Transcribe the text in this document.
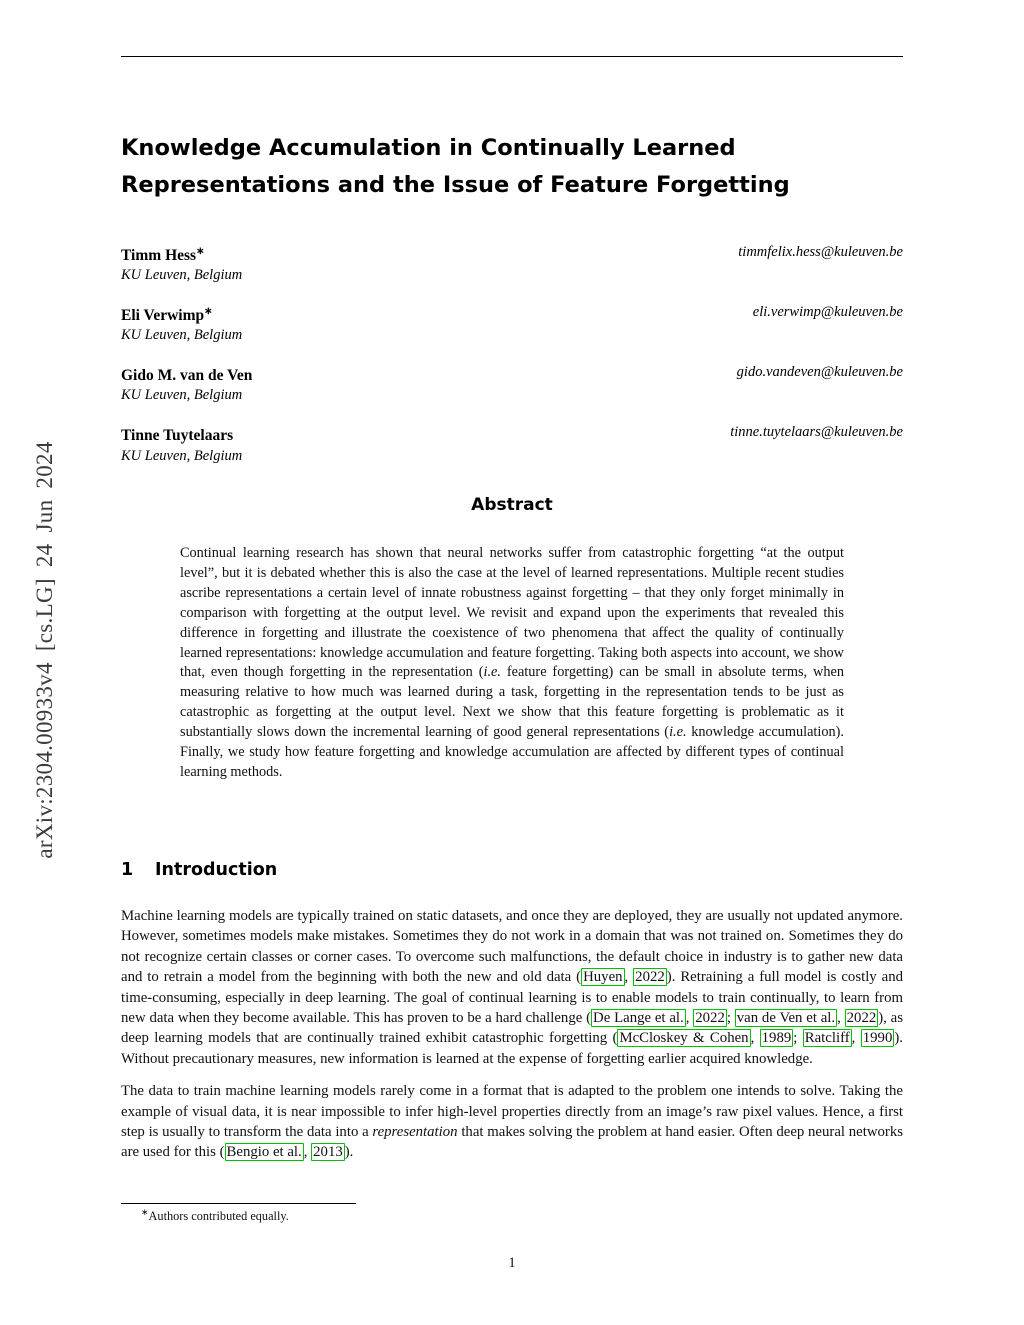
arXiv:2304.00933v4 [cs.LG] 24 Jun 2024
Knowledge Accumulation in Continually Learned
Representations and the Issue of Feature Forgetting
Timm Hess∗
KU Leuven, Belgium
timmfelix.hess@kuleuven.be
Eli Verwimp∗
KU Leuven, Belgium
eli.verwimp@kuleuven.be
Gido M. van de Ven
KU Leuven, Belgium
gido.vandeven@kuleuven.be
Tinne Tuytelaars
KU Leuven, Belgium
tinne.tuytelaars@kuleuven.be
Abstract
Continual learning research has shown that neural networks suffer from catastrophic forgetting “at the output level”, but it is debated whether this is also the case at the level of learned representations. Multiple recent studies ascribe representations a certain level of innate robustness against forgetting – that they only forget minimally in comparison with forgetting at the output level. We revisit and expand upon the experiments that revealed this difference in forgetting and illustrate the coexistence of two phenomena that affect the quality of continually learned representations: knowledge accumulation and feature forgetting. Taking both aspects into account, we show that, even though forgetting in the representation (i.e. feature forgetting) can be small in absolute terms, when measuring relative to how much was learned during a task, forgetting in the representation tends to be just as catastrophic as forgetting at the output level. Next we show that this feature forgetting is problematic as it substantially slows down the incremental learning of good general representations (i.e. knowledge accumulation). Finally, we study how feature forgetting and knowledge accumulation are affected by different types of continual learning methods.
1 Introduction
Machine learning models are typically trained on static datasets, and once they are deployed, they are usually not updated anymore. However, sometimes models make mistakes. Sometimes they do not work in a domain that was not trained on. Sometimes they do not recognize certain classes or corner cases. To overcome such malfunctions, the default choice in industry is to gather new data and to retrain a model from the beginning with both the new and old data ( Huyen , 2022 ). Retraining a full model is costly and time-consuming, especially in deep learning. The goal of continual learning is to enable models to train continually, to learn from new data when they become available. This has proven to be a hard challenge ( De Lange et al. , 2022 ; van de Ven et al. , 2022 ), as deep learning models that are continually trained exhibit catastrophic forgetting ( McCloskey & Cohen , 1989 ; Ratcliff , 1990 ). Without precautionary measures, new information is learned at the expense of forgetting earlier acquired knowledge.
The data to train machine learning models rarely come in a format that is adapted to the problem one intends to solve. Taking the example of visual data, it is near impossible to infer high-level properties directly from an image’s raw pixel values. Hence, a first step is usually to transform the data into a representation that makes solving the problem at hand easier. Often deep neural networks are used for this ( Bengio et al. , 2013 ).
∗Authors contributed equally.
1
